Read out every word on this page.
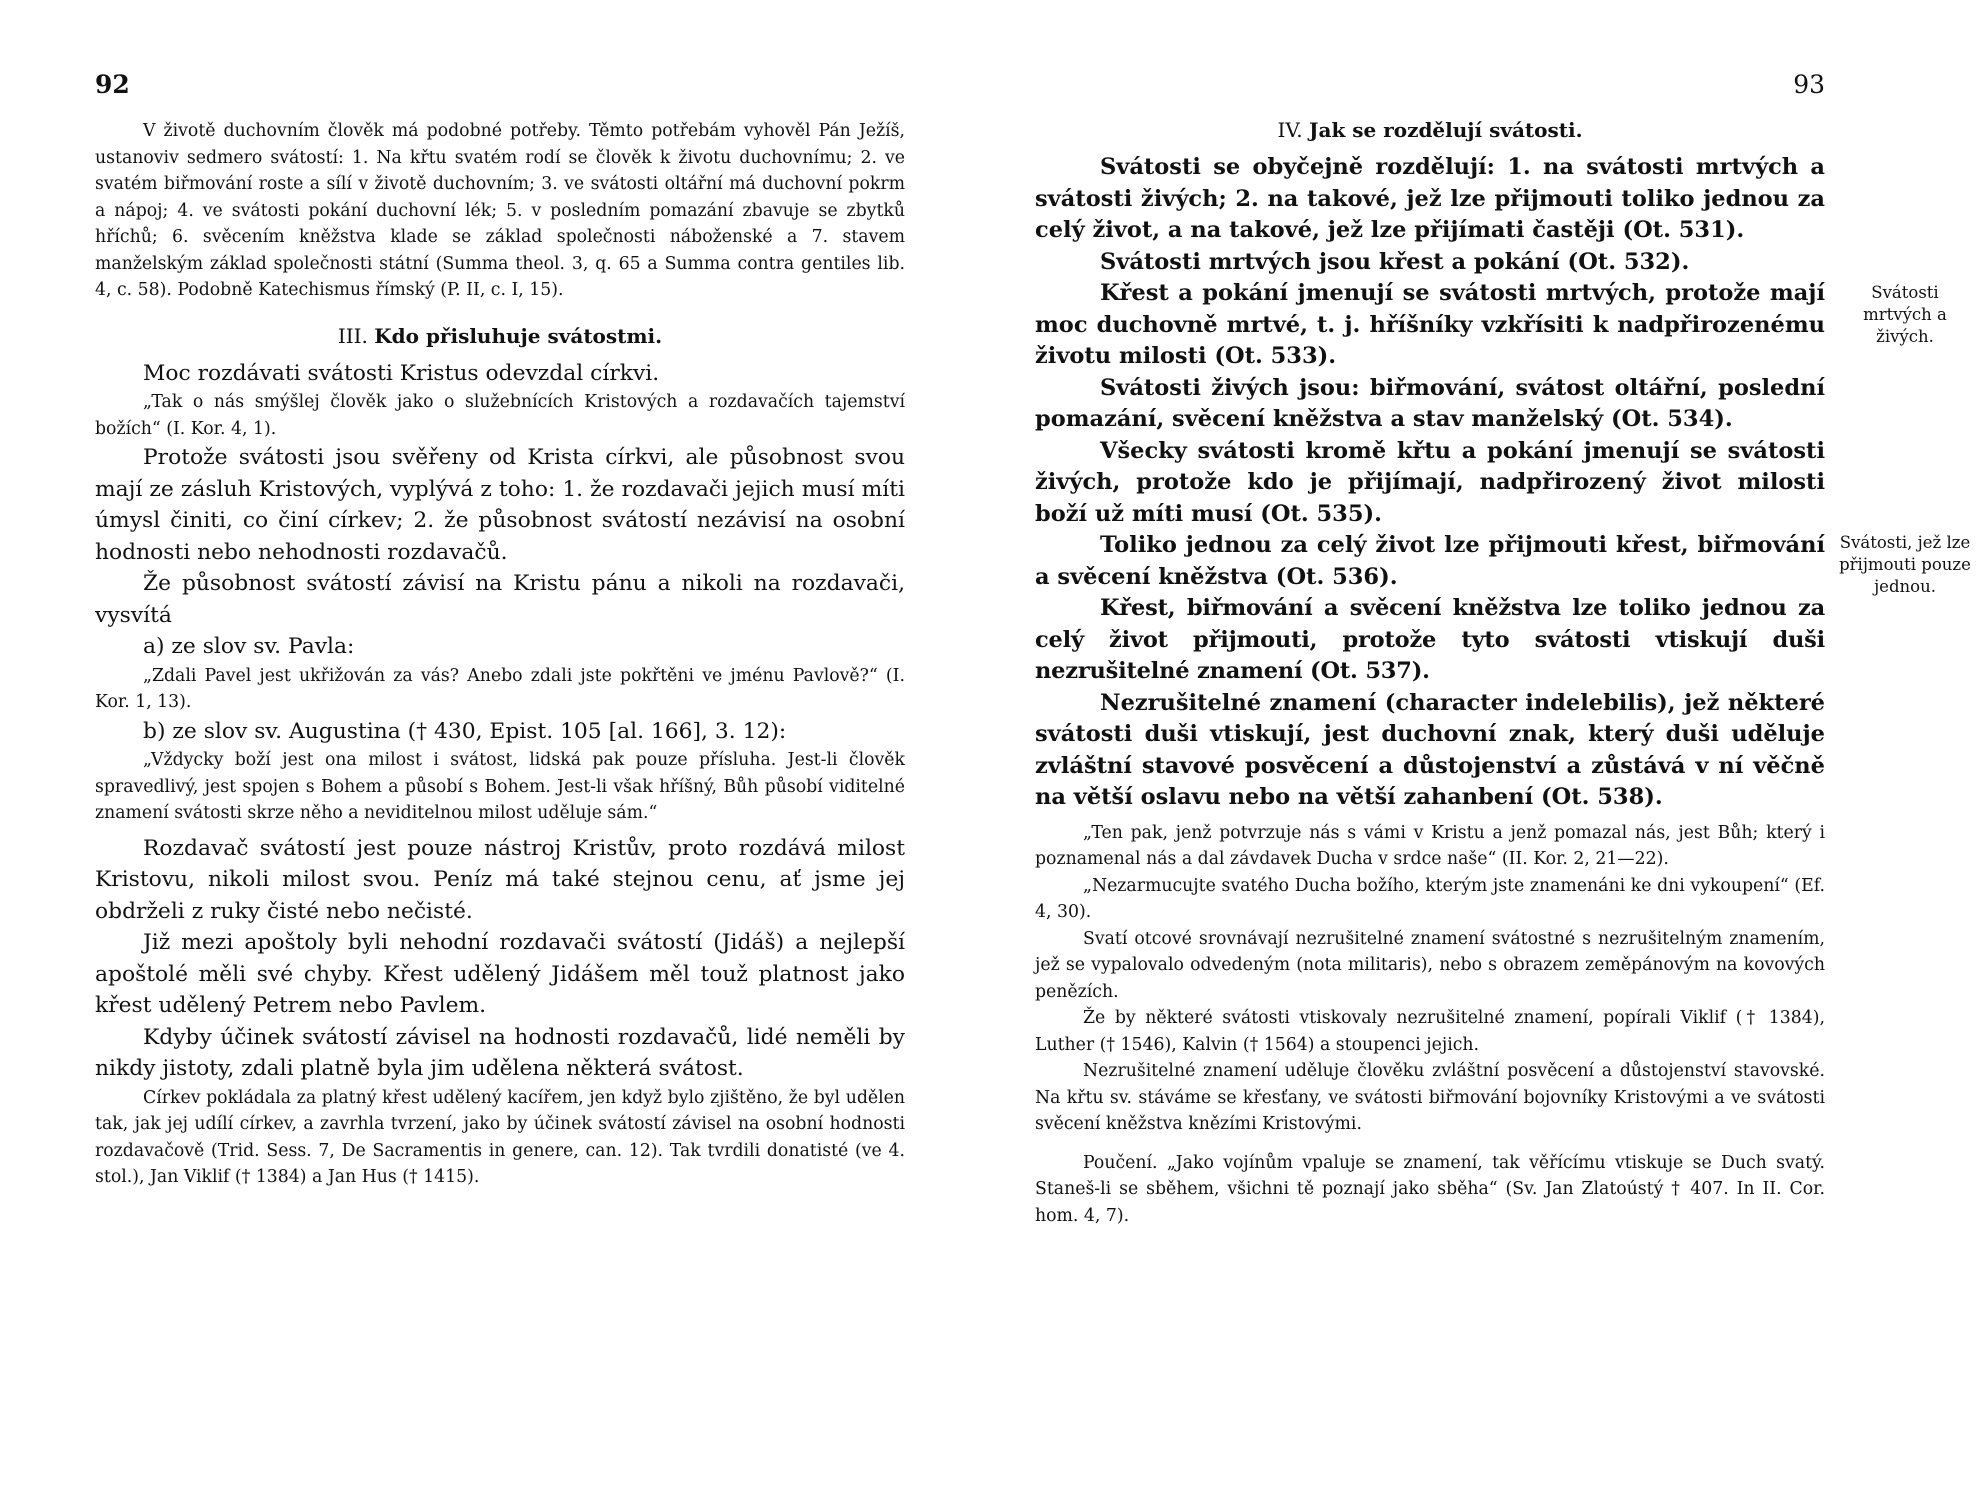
92

V životě duchovním člověk má podobné potřeby. Těmto potřebám vyhověl Pán Ježíš, ustanoviv sedmero svátostí: 1. Na křtu svatém rodí se člověk k životu duchovnímu; 2. ve svatém biřmování roste a sílí v životě duchovním; 3. ve svátosti oltářní má duchovní pokrm a nápoj; 4. ve svátosti pokání duchovní lék; 5. v posledním pomazání zbavuje se zbytků hříchů; 6. svěcením kněžstva klade se základ společnosti náboženské a 7. stavem manželským základ společnosti státní (Summa theol. 3, q. 65 a Summa contra gentiles lib. 4, c. 58). Podobně Katechismus římský (P. II, c. I, 15).

III. Kdo přisluhuje svátostmi.

Moc rozdávati svátosti Kristus odevzdal církvi.

„Tak o nás smýšlej člověk jako o služebnících Kristových a rozdavačích tajemství božích“ (I. Kor. 4, 1).

Protože svátosti jsou svěřeny od Krista církvi, ale působnost svou mají ze zásluh Kristových, vyplývá z toho: 1. že rozdavači jejich musí míti úmysl činiti, co činí církev; 2. že působnost svátostí nezávisí na osobní hodnosti nebo nehodnosti rozdavačů.

Že působnost svátostí závisí na Kristu pánu a nikoli na rozdavači, vysvítá

a) ze slov sv. Pavla:

„Zdali Pavel jest ukřižován za vás? Anebo zdali jste pokřtěni ve jménu Pavlově?“ (I. Kor. 1, 13).

b) ze slov sv. Augustina († 430, Epist. 105 [al. 166], 3. 12):

„Vždycky boží jest ona milost i svátost, lidská pak pouze přísluha. Jest-li člověk spravedlivý, jest spojen s Bohem a působí s Bohem. Jest-li však hříšný, Bůh působí viditelné znamení svátosti skrze něho a neviditelnou milost uděluje sám.“

Rozdavač svátostí jest pouze nástroj Kristův, proto rozdává milost Kristovu, nikoli milost svou. Peníz má také stejnou cenu, ať jsme jej obdrželi z ruky čisté nebo nečisté.

Již mezi apoštoly byli nehodní rozdavači svátostí (Jidáš) a nejlepší apoštolé měli své chyby. Křest udělený Jidášem měl touž platnost jako křest udělený Petrem nebo Pavlem.

Kdyby účinek svátostí závisel na hodnosti rozdavačů, lidé neměli by nikdy jistoty, zdali platně byla jim udělena některá svátost.

Církev pokládala za platný křest udělený kacířem, jen když bylo zjištěno, že byl udělen tak, jak jej udílí církev, a zavrhla tvrzení, jako by účinek svátostí závisel na osobní hodnosti rozdavačově (Trid. Sess. 7, De Sacramentis in genere, can. 12). Tak tvrdili donatisté (ve 4. stol.), Jan Viklif († 1384) a Jan Hus († 1415).

93
IV. Jak se rozdělují svátosti.

Svátosti se obyčejně rozdělují: 1. na svátosti mrtvých a svátosti živých; 2. na takové, jež lze přijmouti toliko jednou za celý život, a na takové, jež lze přijímati častěji (Ot. 531).

Svátosti mrtvých jsou křest a pokání (Ot. 532).

Křest a pokání jmenují se svátosti mrtvých, protože mají moc duchovně mrtvé, t. j. hříšníky vzkřísiti k nadpřirozenému životu milosti (Ot. 533).

Svátosti mrtvých a živých.

Svátosti živých jsou: biřmování, svátost oltářní, poslední pomazání, svěcení kněžstva a stav manželský (Ot. 534).

Všecky svátosti kromě křtu a pokání jmenují se svátosti živých, protože kdo je přijímají, nadpřirozený život milosti boží už míti musí (Ot. 535).

Toliko jednou za celý život lze přijmouti křest, biřmování a svěcení kněžstva (Ot. 536).

Svátosti, jež lze přijmouti pouze jednou.

Křest, biřmování a svěcení kněžstva lze toliko jednou za celý život přijmouti, protože tyto svátosti vtiskují duši nezrušitelné znamení (Ot. 537).

Nezrušitelné znamení (character indelebilis), jež některé svátosti duši vtiskují, jest duchovní znak, který duši uděluje zvláštní stavové posvěcení a důstojenství a zůstává v ní věčně na větší oslavu nebo na větší zahanbení (Ot. 538).

„Ten pak, jenž potvrzuje nás s vámi v Kristu a jenž pomazal nás, jest Bůh; který i poznamenal nás a dal závdavek Ducha v srdce naše“ (II. Kor. 2, 21—22).

„Nezarmucujte svatého Ducha božího, kterým jste znamenáni ke dni vykoupení“ (Ef. 4, 30).

Svatí otcové srovnávají nezrušitelné znamení svátostné s nezrušitelným znamením, jež se vypalovalo odvedeným (nota militaris), nebo s obrazem zeměpánovým na kovových penězích.

Že by některé svátosti vtiskovaly nezrušitelné znamení, popírali Viklif († 1384), Luther († 1546), Kalvin († 1564) a stoupenci jejich.

Nezrušitelné znamení uděluje člověku zvláštní posvěcení a důstojenství stavovské. Na křtu sv. stáváme se křesťany, ve svátosti biřmování bojovníky Kristovými a ve svátosti svěcení kněžstva knězími Kristovými.

Poučení. „Jako vojínům vpaluje se znamení, tak věřícímu vtiskuje se Duch svatý. Staneš-li se sběhem, všichni tě poznají jako sběha“ (Sv. Jan Zlatoústý † 407. In II. Cor. hom. 4, 7).
